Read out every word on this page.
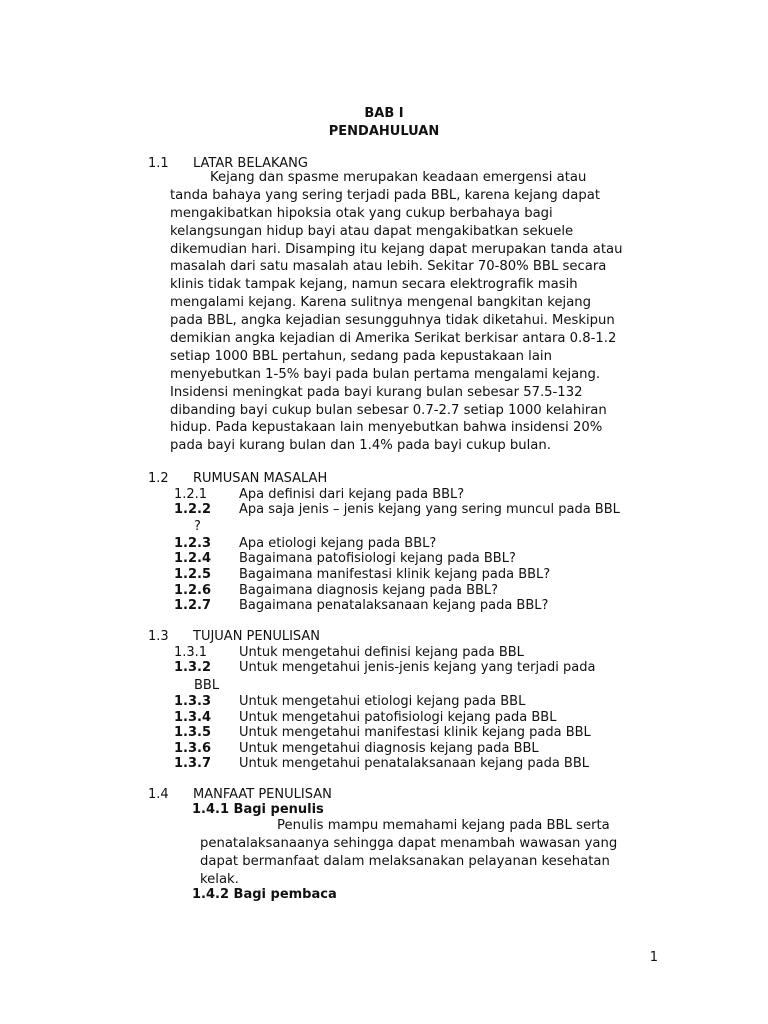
BAB I
PENDAHULUAN
1.1 LATAR BELAKANG
Kejang dan spasme merupakan keadaan emergensi atau
tanda bahaya yang sering terjadi pada BBL, karena kejang dapat
mengakibatkan hipoksia otak yang cukup berbahaya bagi
kelangsungan hidup bayi atau dapat mengakibatkan sekuele
dikemudian hari. Disamping itu kejang dapat merupakan tanda atau
masalah dari satu masalah atau lebih. Sekitar 70-80% BBL secara
klinis tidak tampak kejang, namun secara elektrografik masih
mengalami kejang. Karena sulitnya mengenal bangkitan kejang
pada BBL, angka kejadian sesungguhnya tidak diketahui. Meskipun
demikian angka kejadian di Amerika Serikat berkisar antara 0.8-1.2
setiap 1000 BBL pertahun, sedang pada kepustakaan lain
menyebutkan 1-5% bayi pada bulan pertama mengalami kejang.
Insidensi meningkat pada bayi kurang bulan sebesar 57.5-132
dibanding bayi cukup bulan sebesar 0.7-2.7 setiap 1000 kelahiran
hidup. Pada kepustakaan lain menyebutkan bahwa insidensi 20%
pada bayi kurang bulan dan 1.4% pada bayi cukup bulan.
1.2 RUMUSAN MASALAH
1.2.1 Apa definisi dari kejang pada BBL?
1.2.2 Apa saja jenis – jenis kejang yang sering muncul pada BBL
?
1.2.3 Apa etiologi kejang pada BBL?
1.2.4 Bagaimana patofisiologi kejang pada BBL?
1.2.5 Bagaimana manifestasi klinik kejang pada BBL?
1.2.6 Bagaimana diagnosis kejang pada BBL?
1.2.7 Bagaimana penatalaksanaan kejang pada BBL?
1.3 TUJUAN PENULISAN
1.3.1 Untuk mengetahui definisi kejang pada BBL
1.3.2 Untuk mengetahui jenis-jenis kejang yang terjadi pada
BBL
1.3.3 Untuk mengetahui etiologi kejang pada BBL
1.3.4 Untuk mengetahui patofisiologi kejang pada BBL
1.3.5 Untuk mengetahui manifestasi klinik kejang pada BBL
1.3.6 Untuk mengetahui diagnosis kejang pada BBL
1.3.7 Untuk mengetahui penatalaksanaan kejang pada BBL
1.4 MANFAAT PENULISAN
1.4.1 Bagi penulis
Penulis mampu memahami kejang pada BBL serta
penatalaksanaanya sehingga dapat menambah wawasan yang
dapat bermanfaat dalam melaksanakan pelayanan kesehatan
kelak.
1.4.2 Bagi pembaca
1
